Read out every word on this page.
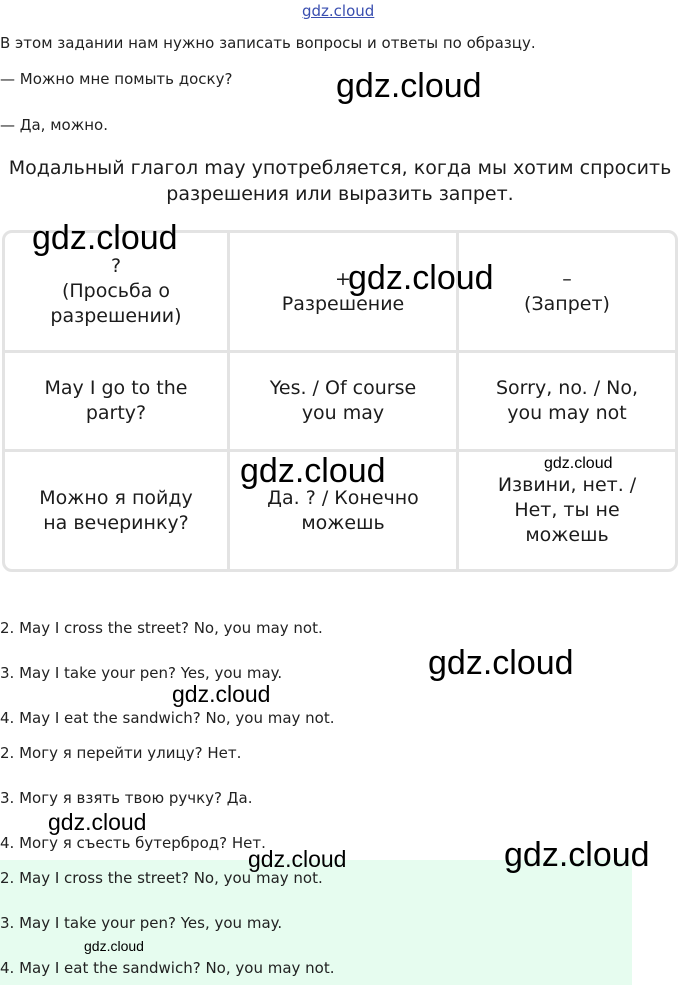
gdz.cloud
В этом задании нам нужно записать вопросы и ответы по образцу.
— Можно мне помыть доску?
— Да, можно.
Модальный глагол may употребляется, когда мы хотим спросить разрешения или выразить запрет.
?
(Просьба о
разрешении)
+
Разрешение
–
(Запрет)
May I go to the
party?
Yes. / Of course
you may
Sorry, no. / No,
you may not
Можно я пойду
на вечеринку?
Да. ? / Конечно
можешь
Извини, нет. /
Нет, ты не
можешь
2. May I cross the street? No, you may not.
3. May I take your pen? Yes, you may.
4. May I eat the sandwich? No, you may not.
2. Могу я перейти улицу? Нет.
3. Могу я взять твою ручку? Да.
4. Могу я съесть бутерброд? Нет.
2. May I cross the street? No, you may not.
3. May I take your pen? Yes, you may.
4. May I eat the sandwich? No, you may not.
gdz.cloud
gdz.cloud
gdz.cloud
gdz.cloud	gdz.cloud
gdz.cloud
gdz.cloud
gdz.cloud
gdz.cloud	gdz.cloud
gdz.cloud
